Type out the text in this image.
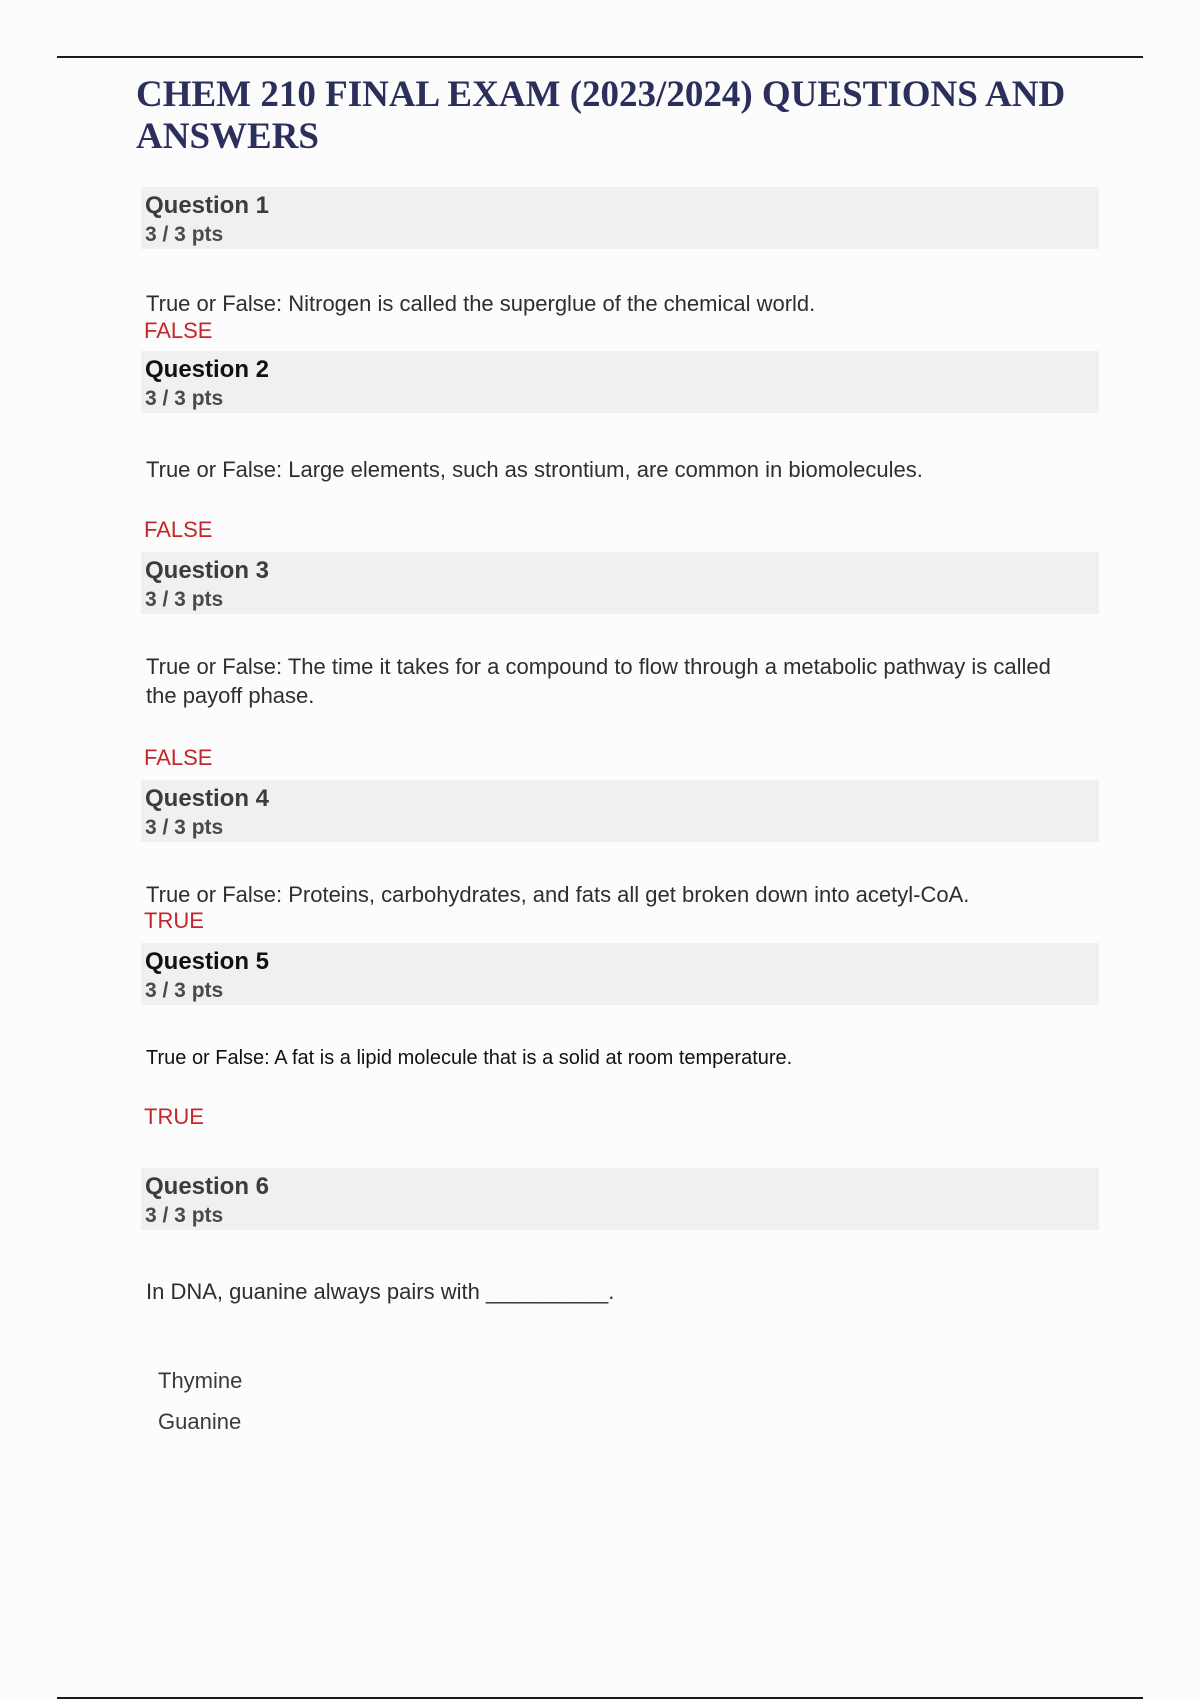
CHEM 210 FINAL EXAM (2023/2024) QUESTIONS AND ANSWERS
Question 1
3 / 3 pts
True or False: Nitrogen is called the superglue of the chemical world.
FALSE
Question 2
3 / 3 pts
True or False: Large elements, such as strontium, are common in biomolecules.
FALSE
Question 3
3 / 3 pts
True or False: The time it takes for a compound to flow through a metabolic pathway is called the payoff phase.
FALSE
Question 4
3 / 3 pts
True or False: Proteins, carbohydrates, and fats all get broken down into acetyl-CoA.
TRUE
Question 5
3 / 3 pts
True or False: A fat is a lipid molecule that is a solid at room temperature.
TRUE
Question 6
3 / 3 pts
In DNA, guanine always pairs with __________.
Thymine
Guanine
